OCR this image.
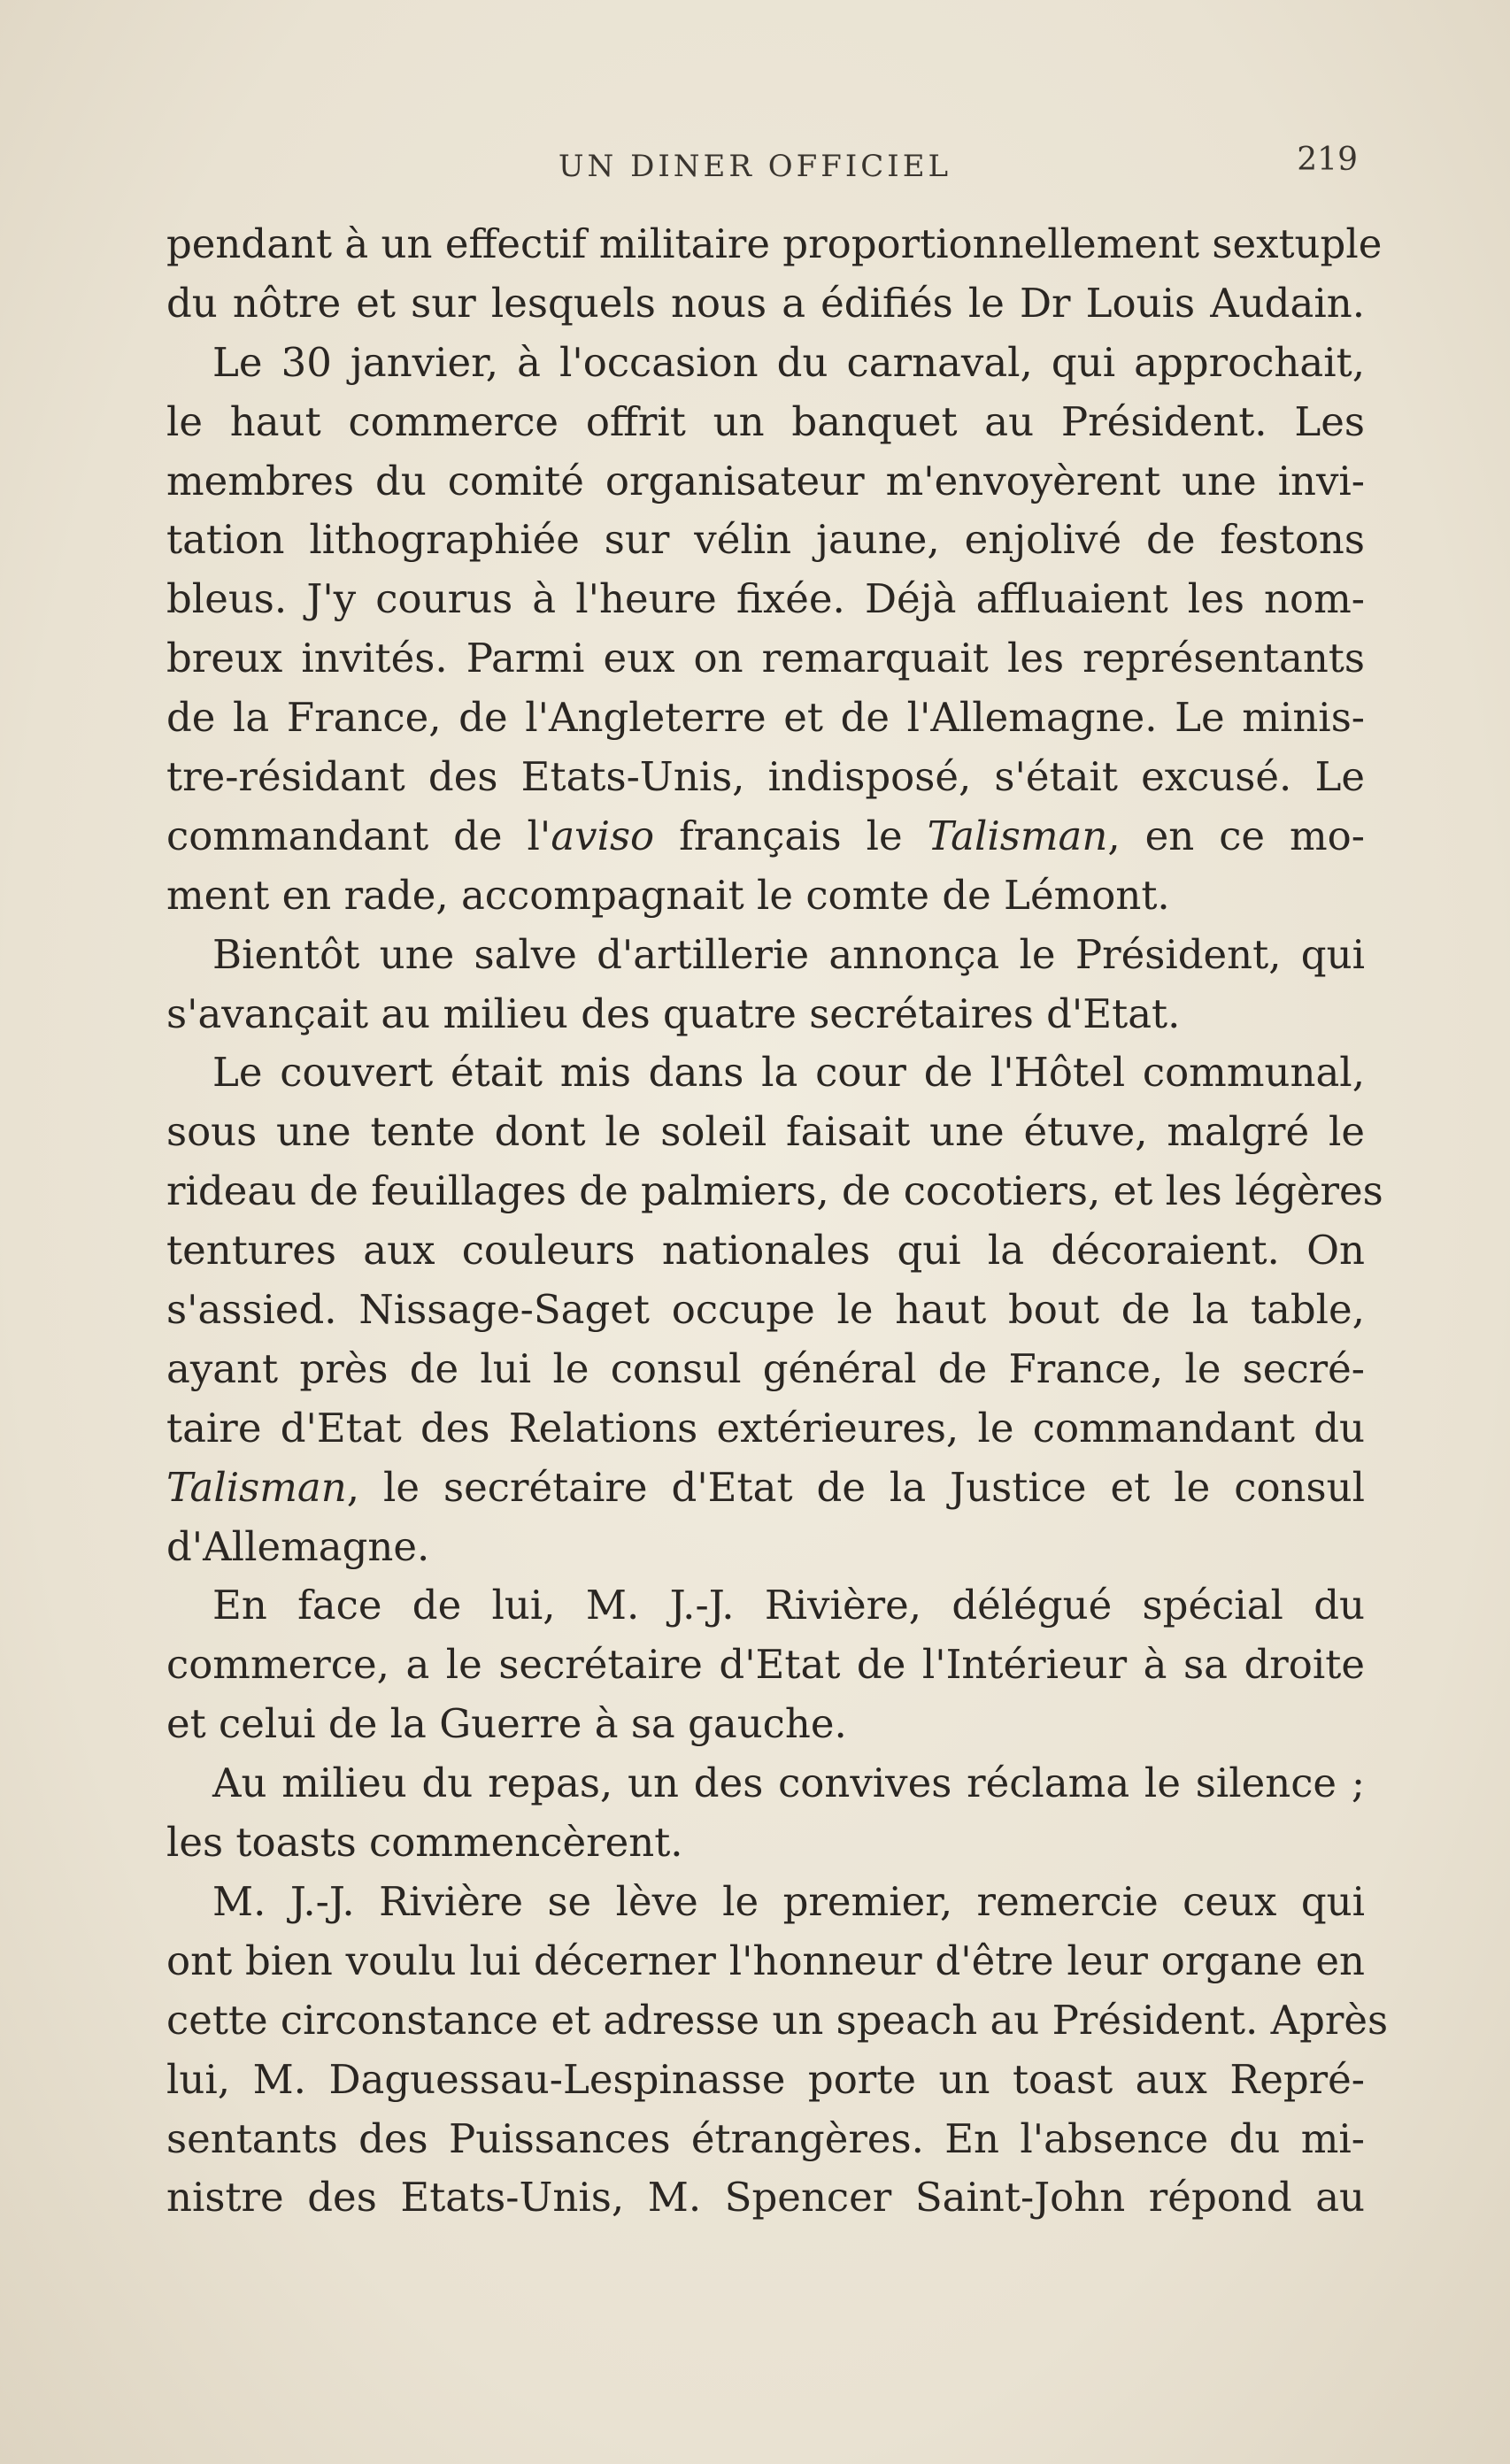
UN DINER OFFICIEL	219
pendant à un effectif militaire proportionnellement sextuple
du nôtre et sur lesquels nous a édifiés le Dr Louis Audain.
Le 30 janvier, à l'occasion du carnaval, qui approchait,
le haut commerce offrit un banquet au Président. Les
membres du comité organisateur m'envoyèrent une invi-
tation lithographiée sur vélin jaune, enjolivé de festons
bleus. J'y courus à l'heure fixée. Déjà affluaient les nom-
breux invités. Parmi eux on remarquait les représentants
de la France, de l'Angleterre et de l'Allemagne. Le minis-
tre-résidant des Etats-Unis, indisposé, s'était excusé. Le
commandant de l'aviso français le Talisman, en ce mo-
ment en rade, accompagnait le comte de Lémont.
Bientôt une salve d'artillerie annonça le Président, qui
s'avançait au milieu des quatre secrétaires d'Etat.
Le couvert était mis dans la cour de l'Hôtel communal,
sous une tente dont le soleil faisait une étuve, malgré le
rideau de feuillages de palmiers, de cocotiers, et les légères
tentures aux couleurs nationales qui la décoraient. On
s'assied. Nissage-Saget occupe le haut bout de la table,
ayant près de lui le consul général de France, le secré-
taire d'Etat des Relations extérieures, le commandant du
Talisman, le secrétaire d'Etat de la Justice et le consul
d'Allemagne.
En face de lui, M. J.-J. Rivière, délégué spécial du
commerce, a le secrétaire d'Etat de l'Intérieur à sa droite
et celui de la Guerre à sa gauche.
Au milieu du repas, un des convives réclama le silence ;
les toasts commencèrent.
M. J.-J. Rivière se lève le premier, remercie ceux qui
ont bien voulu lui décerner l'honneur d'être leur organe en
cette circonstance et adresse un speach au Président. Après
lui, M. Daguessau-Lespinasse porte un toast aux Repré-
sentants des Puissances étrangères. En l'absence du mi-
nistre des Etats-Unis, M. Spencer Saint-John répond au
